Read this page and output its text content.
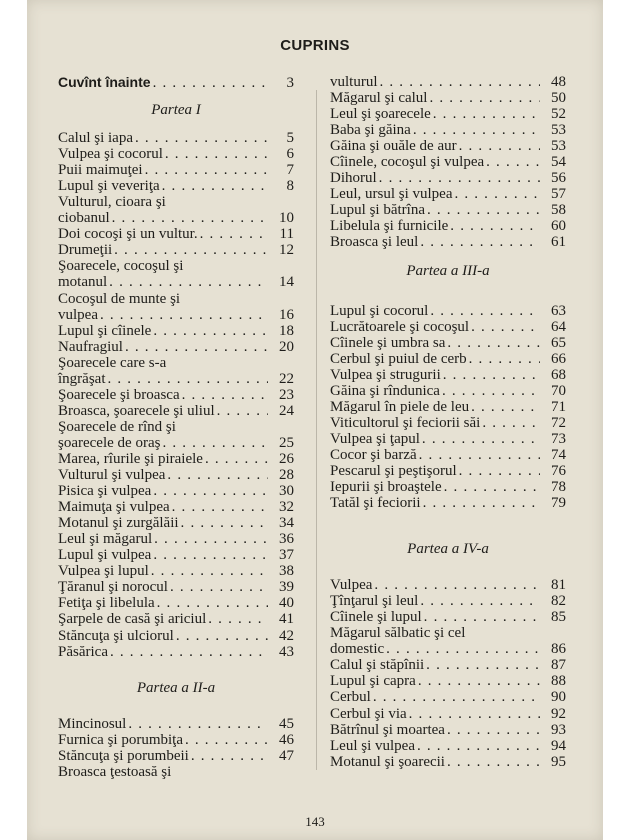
CUPRINS
Cuvînt înainte . . .	3
Partea I
Calul şi iapa . . .	5
Vulpea şi cocorul . . .	6
Puii maimuţei . . .	7
Lupul şi veveriţa . . .	8
Vulturul, cioara şi
ciobanul . . .	10
Doi cocoşi şi un vultur. . . .	11
Drumeţii . . .	12
Şoarecele, cocoşul şi
motanul . . .	14
Cocoşul de munte şi
vulpea . . .	16
Lupul şi cîinele . . .	18
Naufragiul . . .	20
Şoarecele care s-a
îngrăşat . . .	22
Şoarecele şi broasca . . .	23
Broasca, şoarecele şi uliul . . .	24
Şoarecele de rînd şi
şoarecele de oraş . . .	25
Marea, rîurile şi piraiele . . .	26
Vulturul şi vulpea . . .	28
Pisica şi vulpea . . .	30
Maimuţa şi vulpea . . .	32
Motanul şi zurgălăii . . .	34
Leul şi măgarul . . .	36
Lupul şi vulpea . . .	37
Vulpea şi lupul . . .	38
Ţăranul şi norocul . . .	39
Fetiţa şi libelula . . .	40
Şarpele de casă şi ariciul . . .	41
Stăncuţa şi ulciorul . . .	42
Păsărica . . .	43
Partea a II-a
Mincinosul . . .	45
Furnica şi porumbiţa . . .	46
Stăncuţa şi porumbeii . . .	47
Broasca ţestoasă şi
vulturul . . .	48
Măgarul şi calul . . .	50
Leul şi şoarecele . . .	52
Baba şi găina . . .	53
Găina şi ouăle de aur . . .	53
Cîinele, cocoşul şi vulpea . . .	54
Dihorul . . .	56
Leul, ursul şi vulpea . . .	57
Lupul şi bătrîna . . .	58
Libelula şi furnicile . . .	60
Broasca şi leul . . .	61
Partea a III-a
Lupul şi cocorul . . .	63
Lucrătoarele şi cocoşul . . .	64
Cîinele şi umbra sa . . .	65
Cerbul şi puiul de cerb . . .	66
Vulpea şi strugurii . . .	68
Găina şi rîndunica . . .	70
Măgarul în piele de leu . . .	71
Viticultorul şi feciorii săi . . .	72
Vulpea şi ţapul . . .	73
Cocor şi barză . . .	74
Pescarul şi peştişorul . . .	76
Iepurii şi broaştele . . .	78
Tatăl şi feciorii . . .	79
Partea a IV-a
Vulpea . . .	81
Ţînţarul şi leul . . .	82
Cîinele şi lupul . . .	85
Măgarul sălbatic şi cel
domestic . . .	86
Calul şi stăpînii . . .	87
Lupul şi capra . . .	88
Cerbul . . .	90
Cerbul şi via . . .	92
Bătrînul şi moartea . . .	93
Leul şi vulpea . . .	94
Motanul şi şoarecii . . .	95
143
